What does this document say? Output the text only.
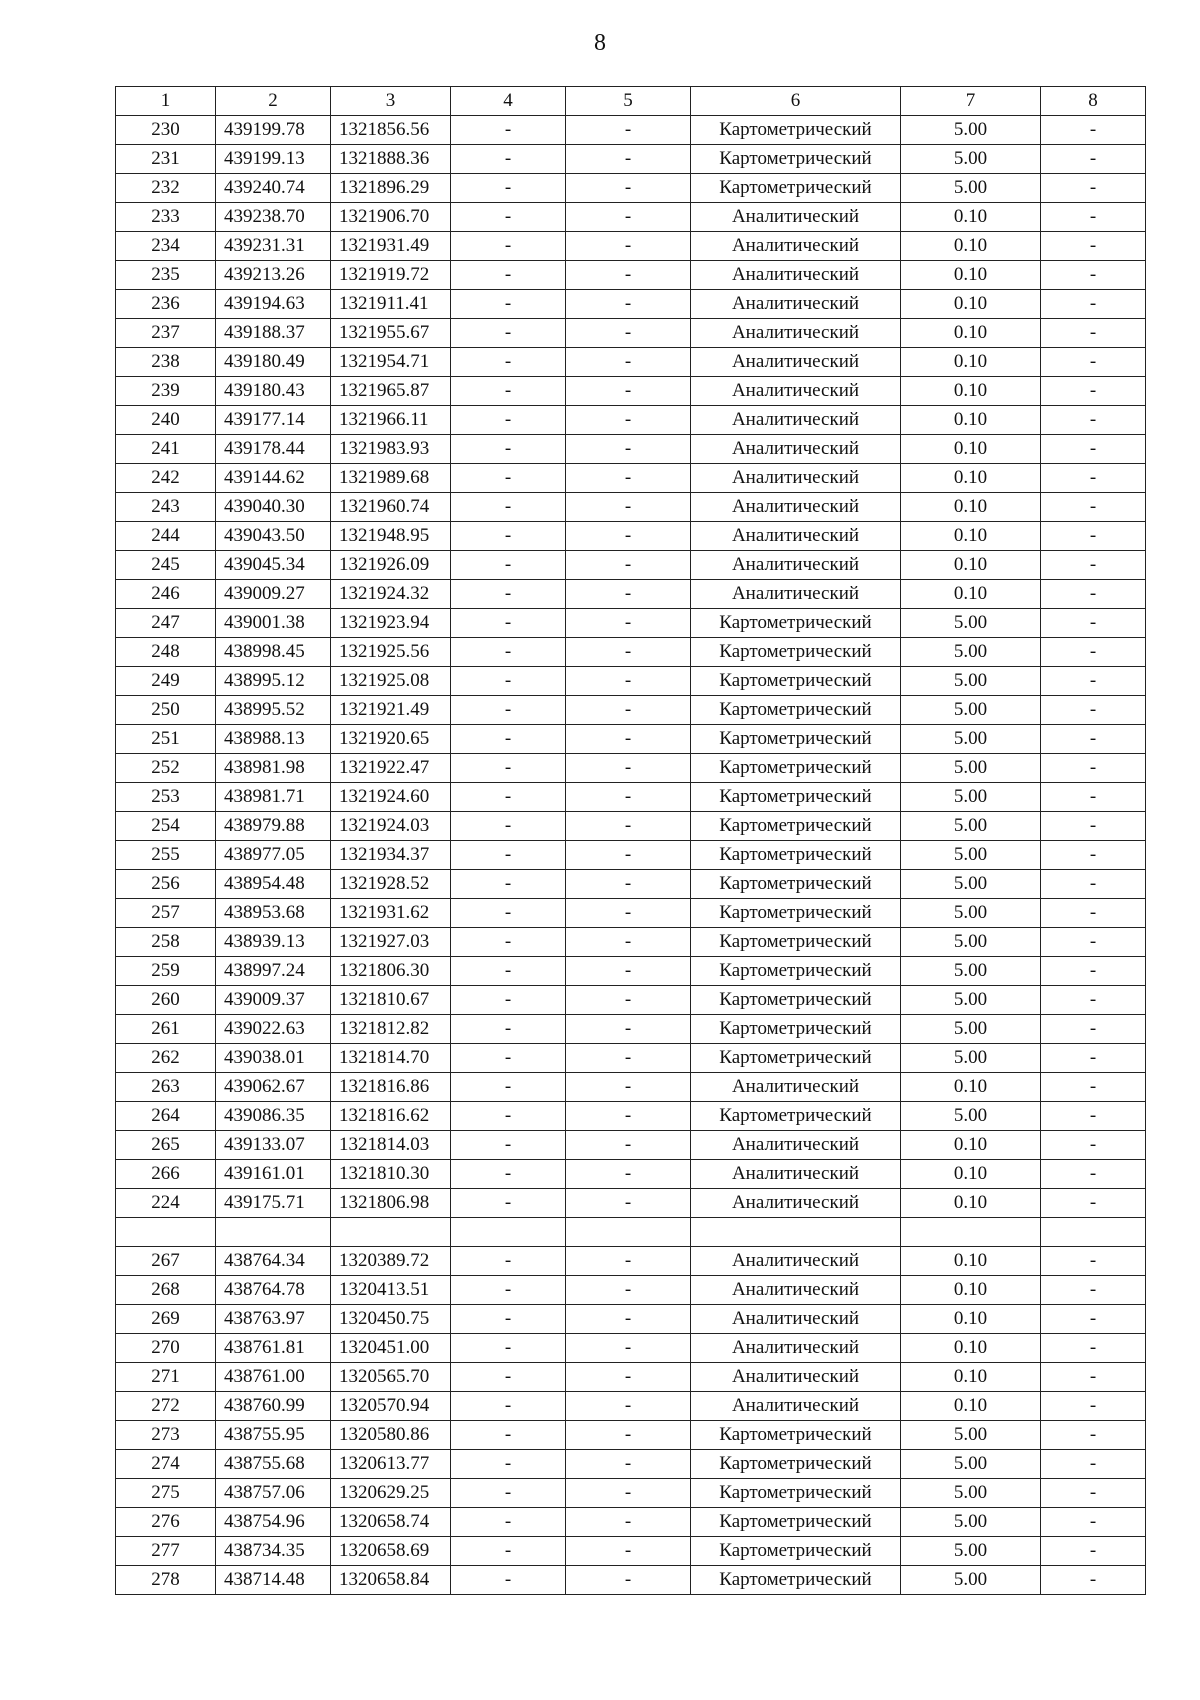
8
1	2	3	4	5	6	7	8
230	439199.78	1321856.56	-	-	Картометрический	5.00	-
231	439199.13	1321888.36	-	-	Картометрический	5.00	-
232	439240.74	1321896.29	-	-	Картометрический	5.00	-
233	439238.70	1321906.70	-	-	Аналитический	0.10	-
234	439231.31	1321931.49	-	-	Аналитический	0.10	-
235	439213.26	1321919.72	-	-	Аналитический	0.10	-
236	439194.63	1321911.41	-	-	Аналитический	0.10	-
237	439188.37	1321955.67	-	-	Аналитический	0.10	-
238	439180.49	1321954.71	-	-	Аналитический	0.10	-
239	439180.43	1321965.87	-	-	Аналитический	0.10	-
240	439177.14	1321966.11	-	-	Аналитический	0.10	-
241	439178.44	1321983.93	-	-	Аналитический	0.10	-
242	439144.62	1321989.68	-	-	Аналитический	0.10	-
243	439040.30	1321960.74	-	-	Аналитический	0.10	-
244	439043.50	1321948.95	-	-	Аналитический	0.10	-
245	439045.34	1321926.09	-	-	Аналитический	0.10	-
246	439009.27	1321924.32	-	-	Аналитический	0.10	-
247	439001.38	1321923.94	-	-	Картометрический	5.00	-
248	438998.45	1321925.56	-	-	Картометрический	5.00	-
249	438995.12	1321925.08	-	-	Картометрический	5.00	-
250	438995.52	1321921.49	-	-	Картометрический	5.00	-
251	438988.13	1321920.65	-	-	Картометрический	5.00	-
252	438981.98	1321922.47	-	-	Картометрический	5.00	-
253	438981.71	1321924.60	-	-	Картометрический	5.00	-
254	438979.88	1321924.03	-	-	Картометрический	5.00	-
255	438977.05	1321934.37	-	-	Картометрический	5.00	-
256	438954.48	1321928.52	-	-	Картометрический	5.00	-
257	438953.68	1321931.62	-	-	Картометрический	5.00	-
258	438939.13	1321927.03	-	-	Картометрический	5.00	-
259	438997.24	1321806.30	-	-	Картометрический	5.00	-
260	439009.37	1321810.67	-	-	Картометрический	5.00	-
261	439022.63	1321812.82	-	-	Картометрический	5.00	-
262	439038.01	1321814.70	-	-	Картометрический	5.00	-
263	439062.67	1321816.86	-	-	Аналитический	0.10	-
264	439086.35	1321816.62	-	-	Картометрический	5.00	-
265	439133.07	1321814.03	-	-	Аналитический	0.10	-
266	439161.01	1321810.30	-	-	Аналитический	0.10	-
224	439175.71	1321806.98	-	-	Аналитический	0.10	-

267	438764.34	1320389.72	-	-	Аналитический	0.10	-
268	438764.78	1320413.51	-	-	Аналитический	0.10	-
269	438763.97	1320450.75	-	-	Аналитический	0.10	-
270	438761.81	1320451.00	-	-	Аналитический	0.10	-
271	438761.00	1320565.70	-	-	Аналитический	0.10	-
272	438760.99	1320570.94	-	-	Аналитический	0.10	-
273	438755.95	1320580.86	-	-	Картометрический	5.00	-
274	438755.68	1320613.77	-	-	Картометрический	5.00	-
275	438757.06	1320629.25	-	-	Картометрический	5.00	-
276	438754.96	1320658.74	-	-	Картометрический	5.00	-
277	438734.35	1320658.69	-	-	Картометрический	5.00	-
278	438714.48	1320658.84	-	-	Картометрический	5.00	-
